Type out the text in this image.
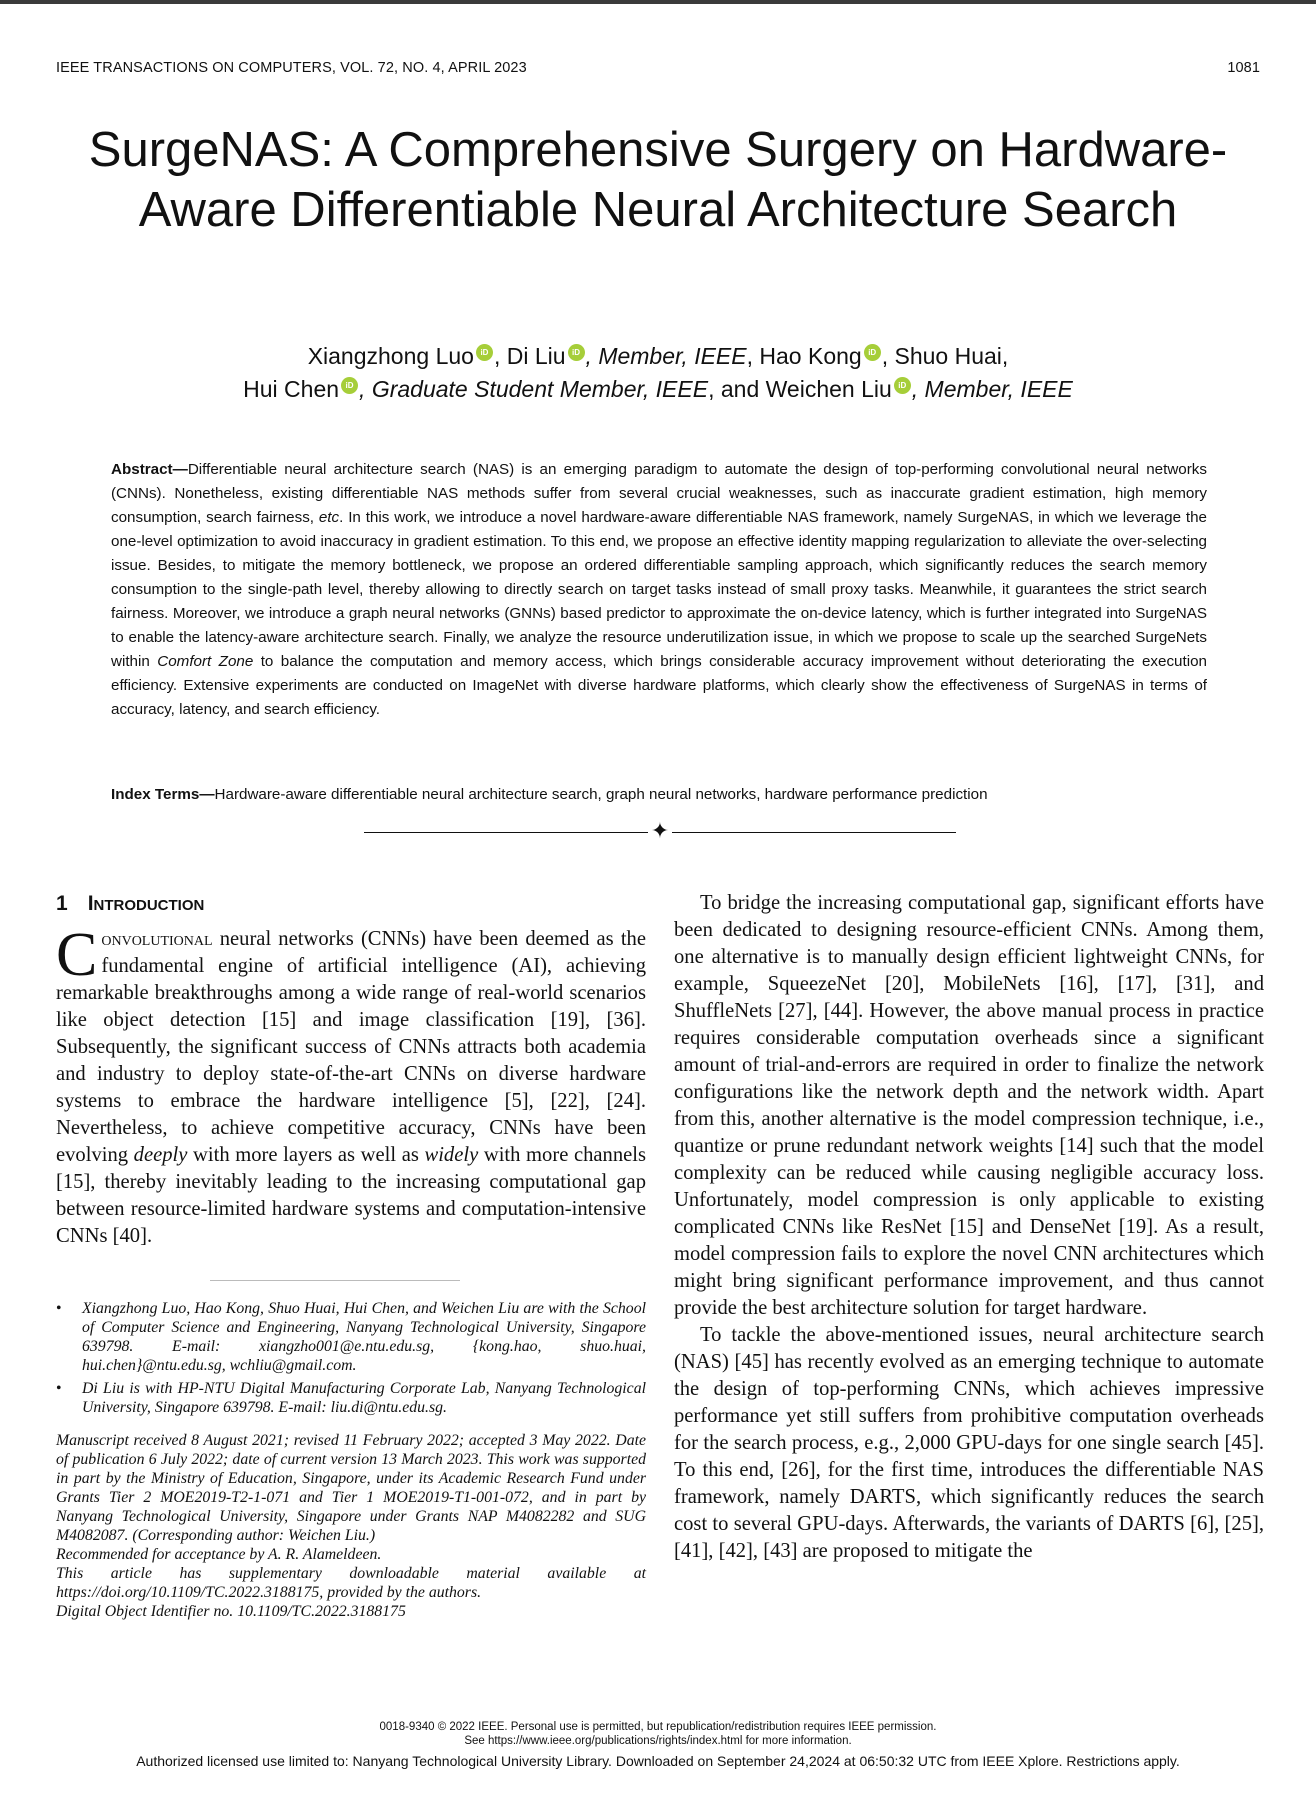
IEEE TRANSACTIONS ON COMPUTERS, VOL. 72, NO. 4, APRIL 2023	1081
SurgeNAS: A Comprehensive Surgery on Hardware-Aware Differentiable Neural Architecture Search
Xiangzhong Luo iD , Di Liu iD , Member, IEEE, Hao Kong iD , Shuo Huai,
Hui Chen iD , Graduate Student Member, IEEE, and Weichen Liu iD , Member, IEEE

Abstract—Differentiable neural architecture search (NAS) is an emerging paradigm to automate the design of top-performing convolutional neural networks (CNNs). Nonetheless, existing differentiable NAS methods suffer from several crucial weaknesses, such as inaccurate gradient estimation, high memory consumption, search fairness, etc. In this work, we introduce a novel hardware-aware differentiable NAS framework, namely SurgeNAS, in which we leverage the one-level optimization to avoid inaccuracy in gradient estimation. To this end, we propose an effective identity mapping regularization to alleviate the over-selecting issue. Besides, to mitigate the memory bottleneck, we propose an ordered differentiable sampling approach, which significantly reduces the search memory consumption to the single-path level, thereby allowing to directly search on target tasks instead of small proxy tasks. Meanwhile, it guarantees the strict search fairness. Moreover, we introduce a graph neural networks (GNNs) based predictor to approximate the on-device latency, which is further integrated into SurgeNAS to enable the latency-aware architecture search. Finally, we analyze the resource underutilization issue, in which we propose to scale up the searched SurgeNets within Comfort Zone to balance the computation and memory access, which brings considerable accuracy improvement without deteriorating the execution efficiency. Extensive experiments are conducted on ImageNet with diverse hardware platforms, which clearly show the effectiveness of SurgeNAS in terms of accuracy, latency, and search efficiency.

Index Terms—Hardware-aware differentiable neural architecture search, graph neural networks, hardware performance prediction

✦
1 Introduction

Convolutional neural networks (CNNs) have been deemed as the fundamental engine of artificial intelligence (AI), achieving remarkable breakthroughs among a wide range of real-world scenarios like object detection [15] and image classification [19], [36]. Subsequently, the significant success of CNNs attracts both academia and industry to deploy state-of-the-art CNNs on diverse hardware systems to embrace the hardware intelligence [5], [22], [24]. Nevertheless, to achieve competitive accuracy, CNNs have been evolving deeply with more layers as well as widely with more channels [15], thereby inevitably leading to the increasing computational gap between resource-limited hardware systems and computation-intensive CNNs [40].

• Xiangzhong Luo, Hao Kong, Shuo Huai, Hui Chen, and Weichen Liu are with the School of Computer Science and Engineering, Nanyang Technological University, Singapore 639798. E-mail: xiangzho001@e.ntu.edu.sg, {kong.hao, shuo.huai, hui.chen}@ntu.edu.sg, wchliu@gmail.com.
• Di Liu is with HP-NTU Digital Manufacturing Corporate Lab, Nanyang Technological University, Singapore 639798. E-mail: liu.di@ntu.edu.sg.

Manuscript received 8 August 2021; revised 11 February 2022; accepted 3 May 2022. Date of publication 6 July 2022; date of current version 13 March 2023. This work was supported in part by the Ministry of Education, Singapore, under its Academic Research Fund under Grants Tier 2 MOE2019-T2-1-071 and Tier 1 MOE2019-T1-001-072, and in part by Nanyang Technological University, Singapore under Grants NAP M4082282 and SUG M4082087. (Corresponding author: Weichen Liu.)
Recommended for acceptance by A. R. Alameldeen.
This article has supplementary downloadable material available at https://doi.org/10.1109/TC.2022.3188175, provided by the authors.
Digital Object Identifier no. 10.1109/TC.2022.3188175

To bridge the increasing computational gap, significant efforts have been dedicated to designing resource-efficient CNNs. Among them, one alternative is to manually design efficient lightweight CNNs, for example, SqueezeNet [20], MobileNets [16], [17], [31], and ShuffleNets [27], [44]. However, the above manual process in practice requires considerable computation overheads since a significant amount of trial-and-errors are required in order to finalize the network configurations like the network depth and the network width. Apart from this, another alternative is the model compression technique, i.e., quantize or prune redundant network weights [14] such that the model complexity can be reduced while causing negligible accuracy loss. Unfortunately, model compression is only applicable to existing complicated CNNs like ResNet [15] and DenseNet [19]. As a result, model compression fails to explore the novel CNN architectures which might bring significant performance improvement, and thus cannot provide the best architecture solution for target hardware.

To tackle the above-mentioned issues, neural architecture search (NAS) [45] has recently evolved as an emerging technique to automate the design of top-performing CNNs, which achieves impressive performance yet still suffers from prohibitive computation overheads for the search process, e.g., 2,000 GPU-days for one single search [45]. To this end, [26], for the first time, introduces the differentiable NAS framework, namely DARTS, which significantly reduces the search cost to several GPU-days. Afterwards, the variants of DARTS [6], [25], [41], [42], [43] are proposed to mitigate the

0018-9340 © 2022 IEEE. Personal use is permitted, but republication/redistribution requires IEEE permission.
See https://www.ieee.org/publications/rights/index.html for more information.
Authorized licensed use limited to: Nanyang Technological University Library. Downloaded on September 24,2024 at 06:50:32 UTC from IEEE Xplore. Restrictions apply.
